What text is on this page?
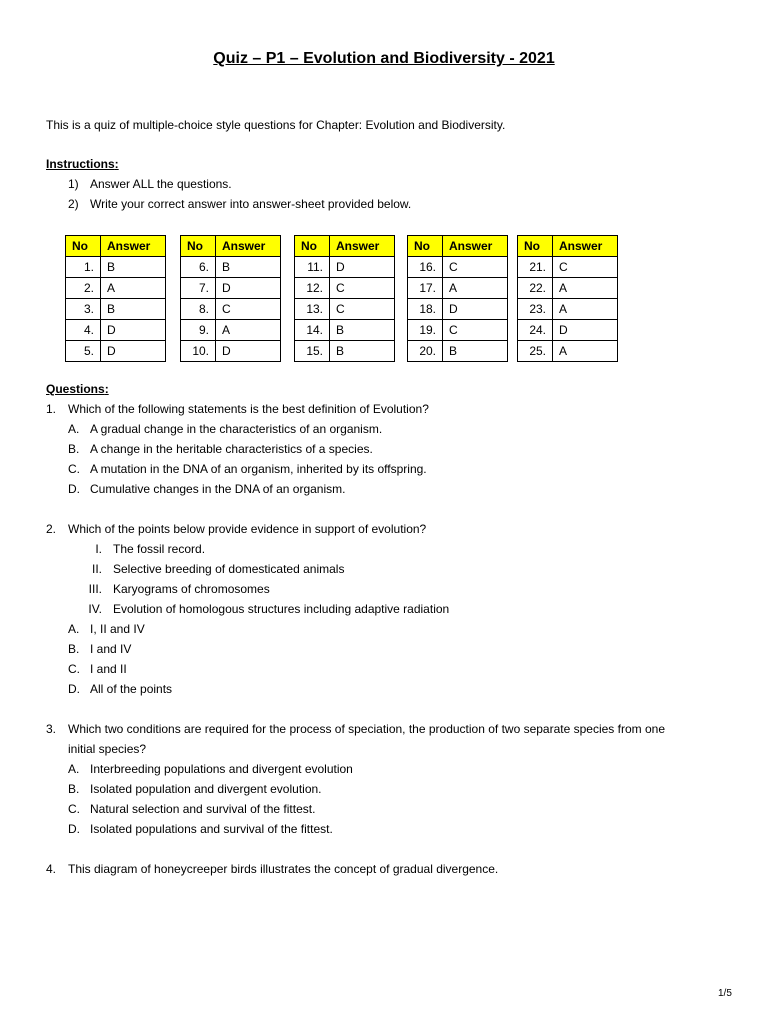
Quiz – P1 – Evolution and Biodiversity - 2021
This is a quiz of multiple-choice style questions for Chapter: Evolution and Biodiversity.
Instructions:
1) Answer ALL the questions.
2) Write your correct answer into answer-sheet provided below.
No	Answer
1.	B
2.	A
3.	B
4.	D
5.	D
No	Answer
6.	B
7.	D
8.	C
9.	A
10.	D
No	Answer
11.	D
12.	C
13.	C
14.	B
15.	B
No	Answer
16.	C
17.	A
18.	D
19.	C
20.	B
No	Answer
21.	C
22.	A
23.	A
24.	D
25.	A
Questions:
1. Which of the following statements is the best definition of Evolution?
A. A gradual change in the characteristics of an organism.
B. A change in the heritable characteristics of a species.
C. A mutation in the DNA of an organism, inherited by its offspring.
D. Cumulative changes in the DNA of an organism.
2. Which of the points below provide evidence in support of evolution?
I. The fossil record.
II. Selective breeding of domesticated animals
III. Karyograms of chromosomes
IV. Evolution of homologous structures including adaptive radiation
A. I, II and IV
B. I and IV
C. I and II
D. All of the points
3. Which two conditions are required for the process of speciation, the production of two separate species from one
initial species?
A. Interbreeding populations and divergent evolution
B. Isolated population and divergent evolution.
C. Natural selection and survival of the fittest.
D. Isolated populations and survival of the fittest.
4. This diagram of honeycreeper birds illustrates the concept of gradual divergence.
1/5
